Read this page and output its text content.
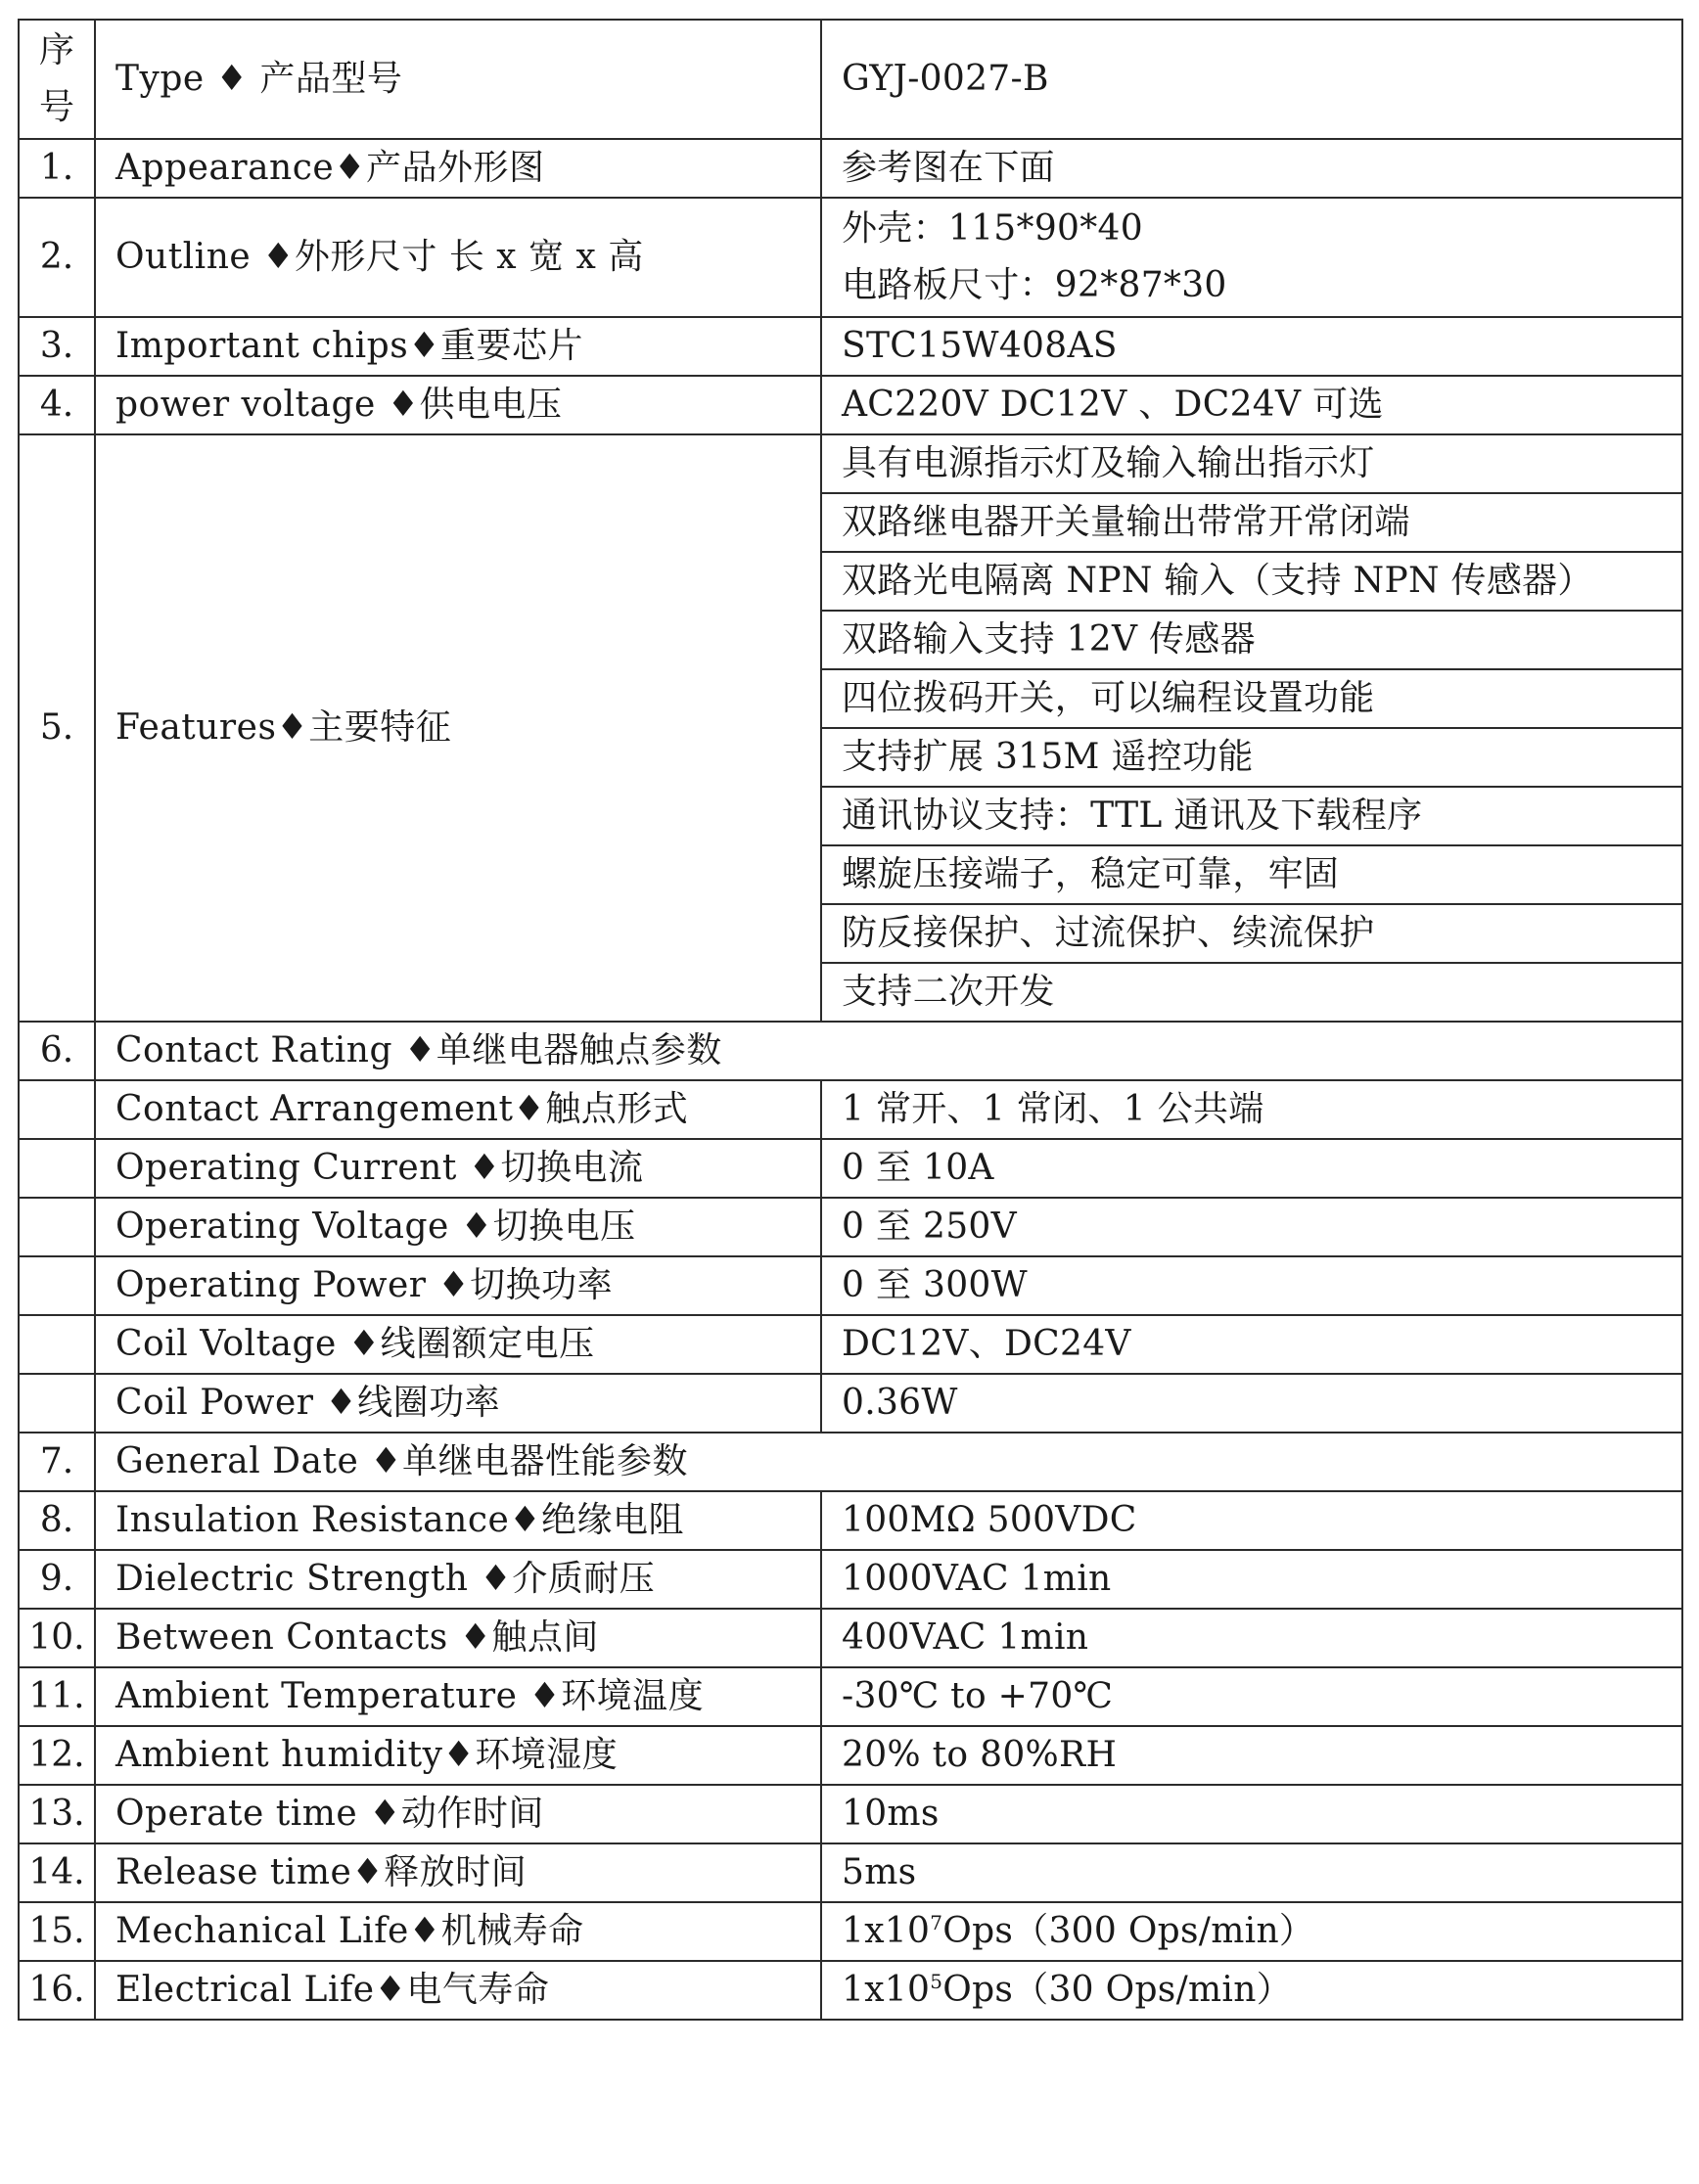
序
号	Type ♦ 产品型号	GYJ-0027-B
1.	Appearance♦产品外形图	参考图在下面
2.	Outline ♦外形尺寸 长 x 宽 x 高	外壳：115*90*40
电路板尺寸：92*87*30

3.	Important chips♦重要芯片	STC15W408AS
4.	power voltage ♦供电电压	AC220V DC12V 、DC24V 可选
5.	Features♦主要特征	具有电源指示灯及输入输出指示灯
		双路继电器开关量输出带常开常闭端
		双路光电隔离 NPN 输入（支持 NPN 传感器）
		双路输入支持 12V 传感器
		四位拨码开关，可以编程设置功能
		支持扩展 315M 遥控功能
		通讯协议支持：TTL 通讯及下载程序
		螺旋压接端子，稳定可靠，牢固
		防反接保护、过流保护、续流保护
		支持二次开发
6.	Contact Rating ♦单继电器触点参数	
	Contact Arrangement♦触点形式	1 常开、1 常闭、1 公共端
	Operating Current ♦切换电流	0 至 10A
	Operating Voltage ♦切换电压	0 至 250V
	Operating Power ♦切换功率	0 至 300W
	Coil Voltage ♦线圈额定电压	DC12V、DC24V
	Coil Power ♦线圈功率	0.36W
7.	General Date ♦单继电器性能参数	
8.	Insulation Resistance♦绝缘电阻	100MΩ 500VDC
9.	Dielectric Strength ♦介质耐压	1000VAC 1min
10.	Between Contacts ♦触点间	400VAC 1min
11.	Ambient Temperature ♦环境温度	-30℃ to +70℃
12.	Ambient humidity♦环境湿度	20% to 80%RH
13.	Operate time ♦动作时间	10ms
14.	Release time♦释放时间	5ms
15.	Mechanical Life♦机械寿命	$1x10^7Ops(300$ Ops/min）
16.	Electrical Life♦电气寿命	$1x10^5Ops(30$ Ops/min）
